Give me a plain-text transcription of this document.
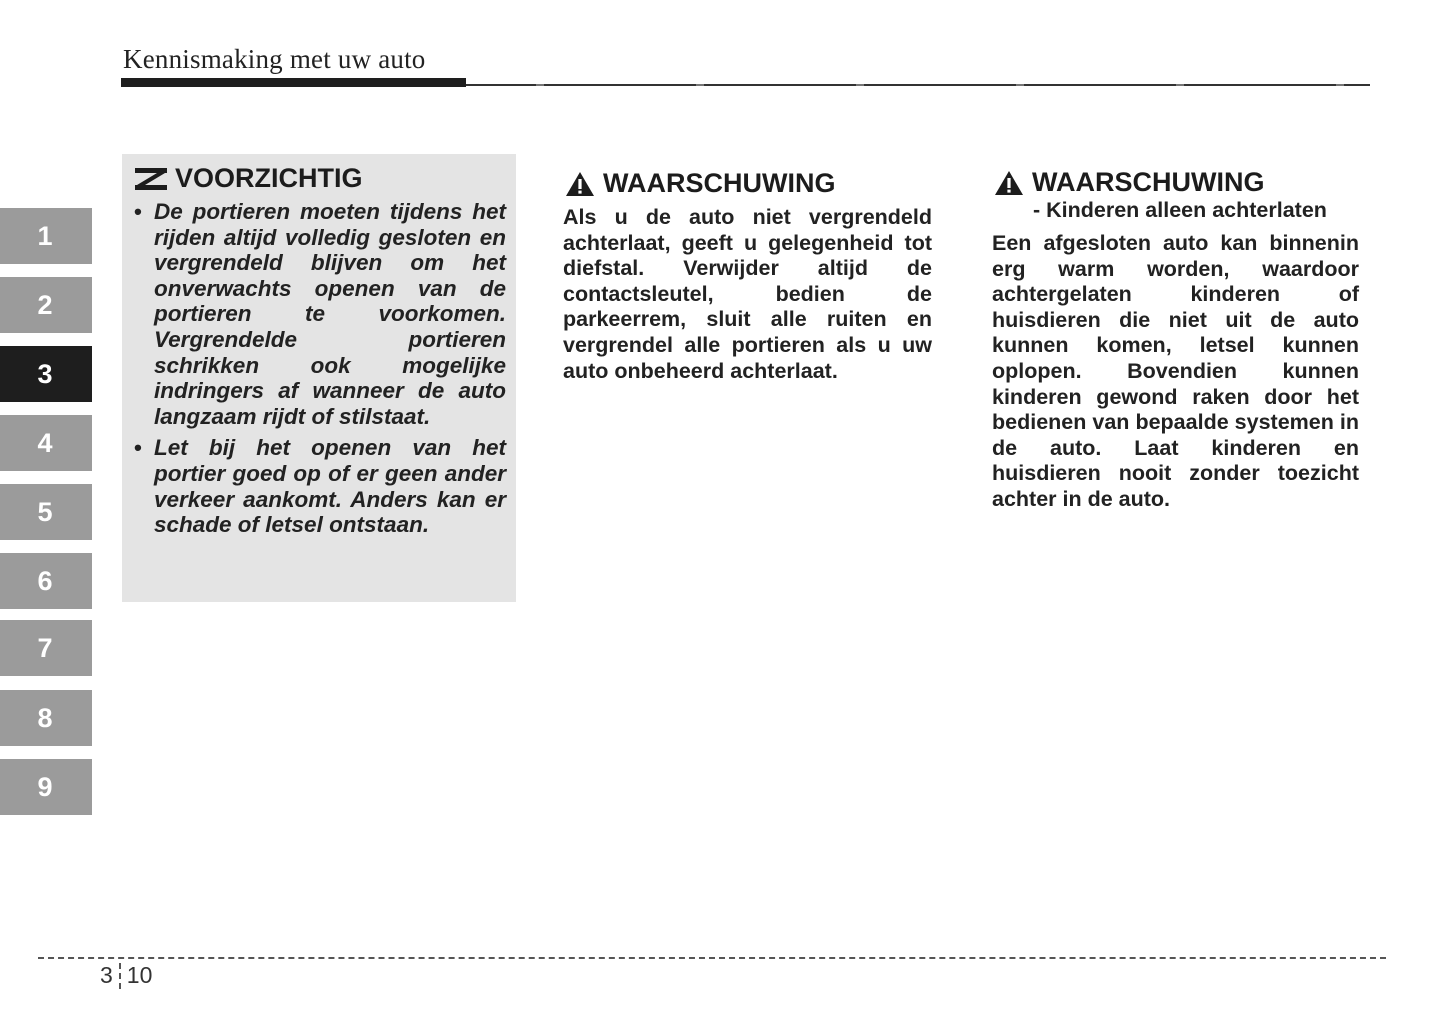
Kennismaking met uw auto
1
2
3
4
5
6
7
8
9
VOORZICHTIG
• De portieren moeten tijdens het rijden altijd volledig gesloten en vergrendeld blijven om het onverwachts openen van de portieren te voorkomen. Vergrendelde portieren schrikken ook mogelijke indringers af wanneer de auto langzaam rijdt of stilstaat.
• Let bij het openen van het portier goed op of er geen ander verkeer aankomt. Anders kan er schade of letsel ontstaan.
WAARSCHUWING
Als u de auto niet vergrendeld achterlaat, geeft u gelegenheid tot diefstal. Verwijder altijd de contactsleutel, bedien de parkeerrem, sluit alle ruiten en vergrendel alle portieren als u uw auto onbeheerd achterlaat.
WAARSCHUWING
- Kinderen alleen achterlaten
Een afgesloten auto kan binnenin erg warm worden, waardoor achtergelaten kinderen of huisdieren die niet uit de auto kunnen komen, letsel kunnen oplopen. Bovendien kunnen kinderen gewond raken door het bedienen van bepaalde systemen in de auto. Laat kinderen en huisdieren nooit zonder toezicht achter in de auto.
3 10
